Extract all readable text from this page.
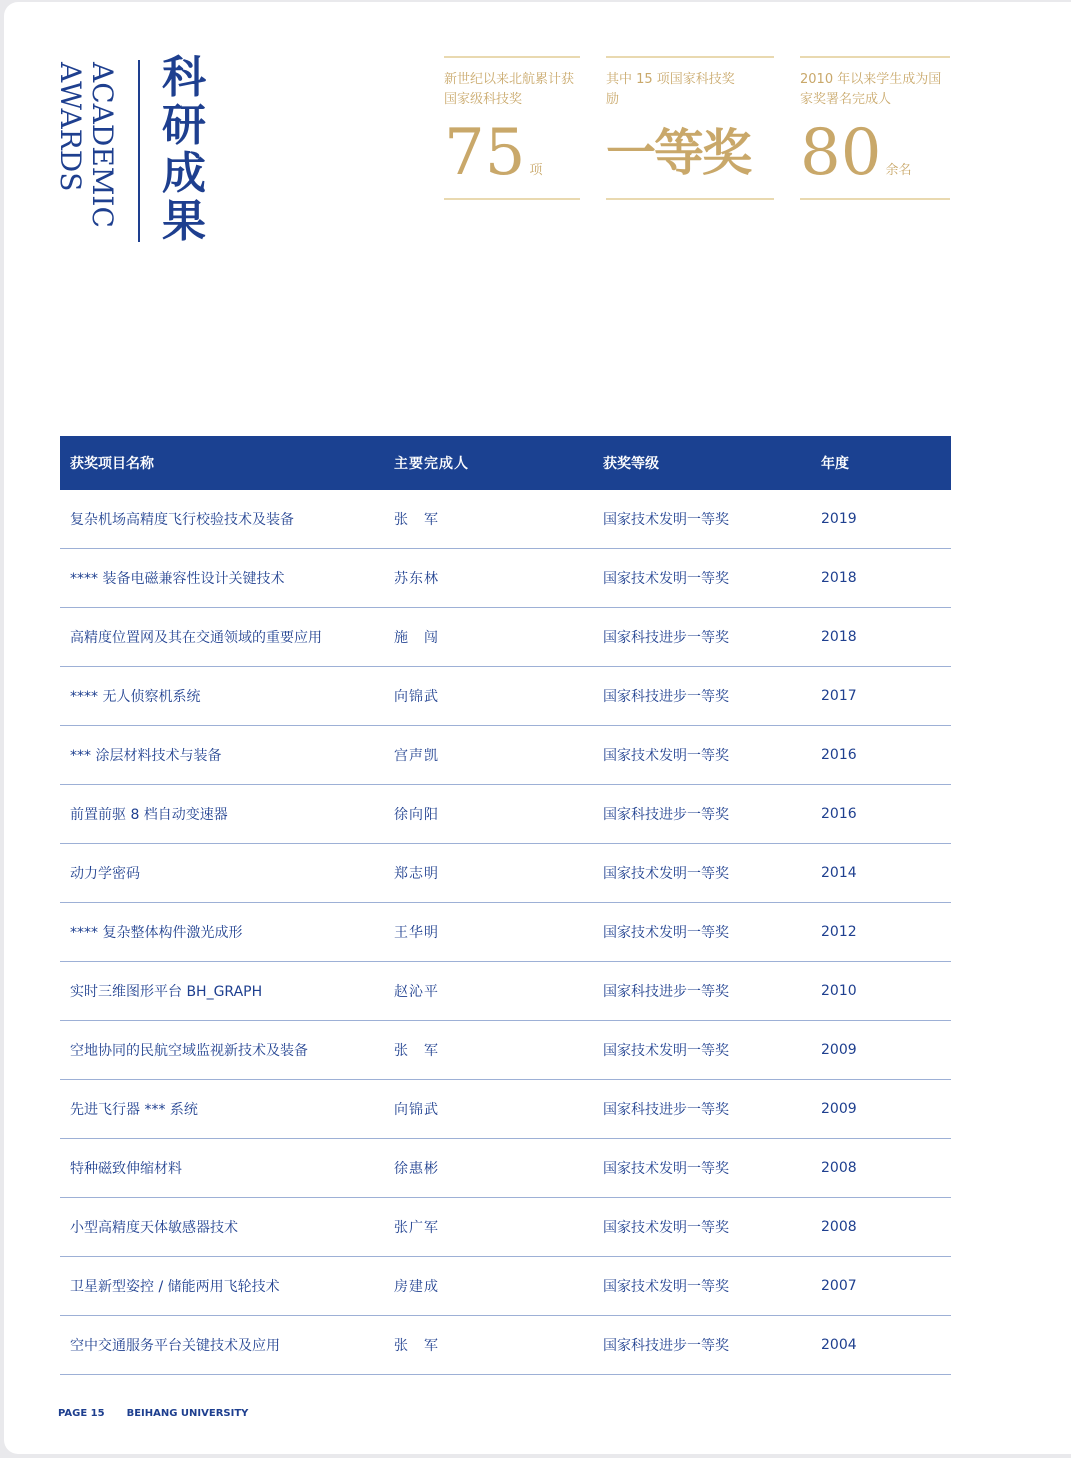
ACADEMIC AWARDS	科研成果
新世纪以来北航累计获国家级科技奖
75 项
其中 15 项国家科技奖励
一等奖
2010 年以来学生成为国家奖署名完成人
80 余名
获奖项目名称	主要完成人	获奖等级	年度
复杂机场高精度飞行校验技术及装备	张　军	国家技术发明一等奖	2019
**** 装备电磁兼容性设计关键技术	苏东林	国家技术发明一等奖	2018
高精度位置网及其在交通领域的重要应用	施　闯	国家科技进步一等奖	2018
**** 无人侦察机系统	向锦武	国家科技进步一等奖	2017
*** 涂层材料技术与装备	宫声凯	国家技术发明一等奖	2016
前置前驱 8 档自动变速器	徐向阳	国家科技进步一等奖	2016
动力学密码	郑志明	国家技术发明一等奖	2014
**** 复杂整体构件激光成形	王华明	国家技术发明一等奖	2012
实时三维图形平台 BH_GRAPH	赵沁平	国家科技进步一等奖	2010
空地协同的民航空域监视新技术及装备	张　军	国家技术发明一等奖	2009
先进飞行器 *** 系统	向锦武	国家科技进步一等奖	2009
特种磁致伸缩材料	徐惠彬	国家技术发明一等奖	2008
小型高精度天体敏感器技术	张广军	国家技术发明一等奖	2008
卫星新型姿控 / 储能两用飞轮技术	房建成	国家技术发明一等奖	2007
空中交通服务平台关键技术及应用	张　军	国家科技进步一等奖	2004
PAGE 15 BEIHANG UNIVERSITY
